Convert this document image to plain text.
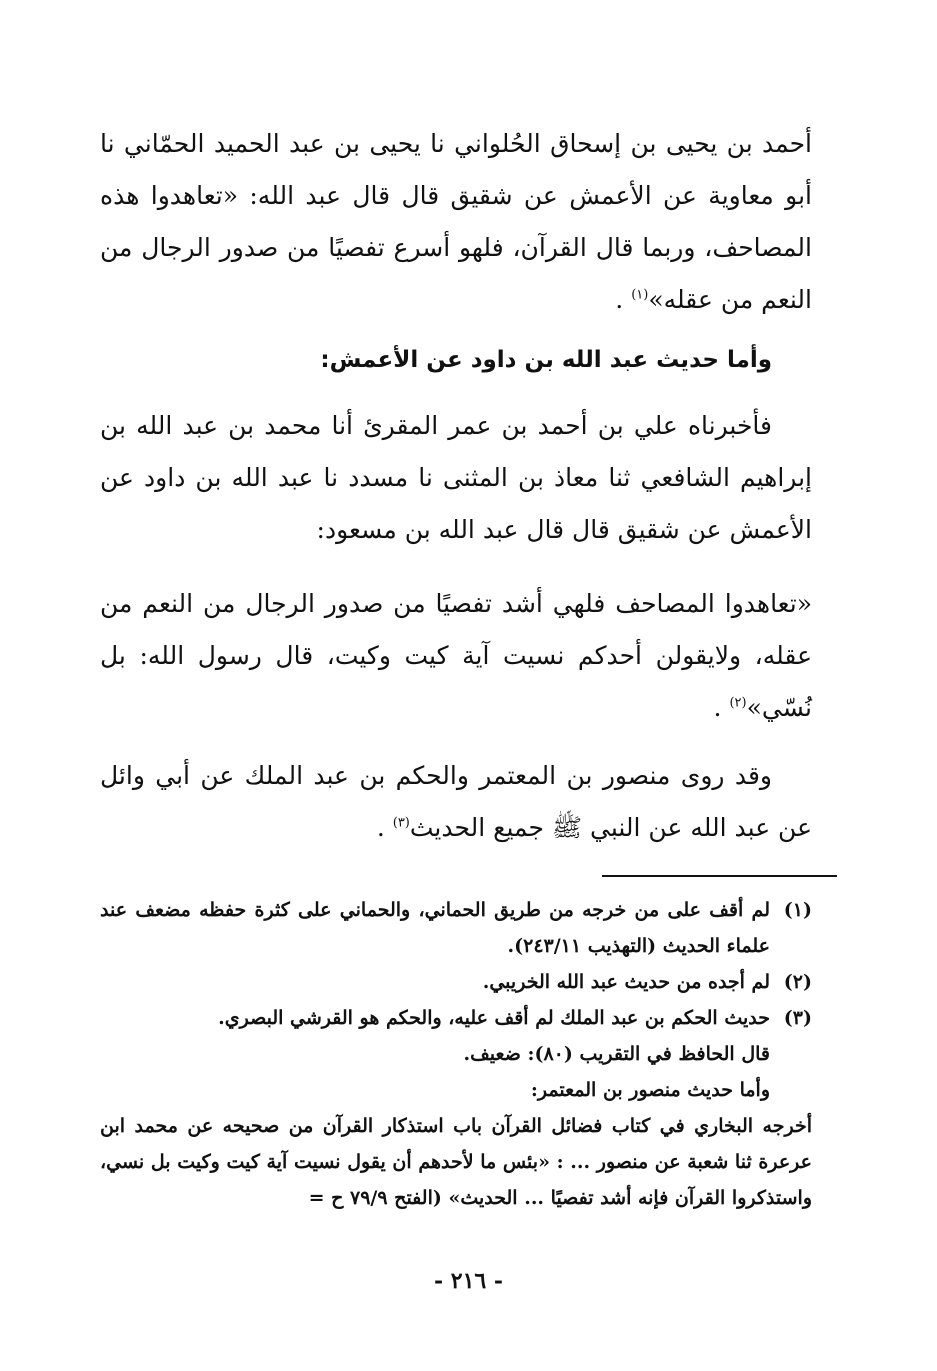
أحمد بن يحيى بن إسحاق الحُلواني نا يحيى بن عبد الحميد الحمّاني نا أبو معاوية عن الأعمش عن شقيق قال قال عبد الله: «تعاهدوا هذه المصاحف، وربما قال القرآن، فلهو أسرع تفصيًا من صدور الرجال من النعم من عقله»$^{(١)}$ .

وأما حديث عبد الله بن داود عن الأعمش:

فأخبرناه علي بن أحمد بن عمر المقرئ أنا محمد بن عبد الله بن إبراهيم الشافعي ثنا معاذ بن المثنى نا مسدد نا عبد الله بن داود عن الأعمش عن شقيق قال قال عبد الله بن مسعود:

«تعاهدوا المصاحف فلهي أشد تفصيًا من صدور الرجال من النعم من عقله، ولايقولن أحدكم نسيت آية كيت وكيت، قال رسول الله: بل نُسّي»$^{(٢)}$ .

وقد روى منصور بن المعتمر والحكم بن عبد الملك عن أبي وائل عن عبد الله عن النبي ﷺ جميع الحديث$^{(٣)}$ .

(١)
لم أقف على من خرجه من طريق الحماني، والحماني على كثرة حفظه مضعف عند علماء الحديث (التهذيب ٢٤٣/١١).
(٢)
لم أجده من حديث عبد الله الخريبي.
(٣)
حديث الحكم بن عبد الملك لم أقف عليه، والحكم هو القرشي البصري.

قال الحافظ في التقريب (٨٠): ضعيف.

وأما حديث منصور بن المعتمر:

أخرجه البخاري في كتاب فضائل القرآن باب استذكار القرآن من صحيحه عن محمد ابن عرعرة ثنا شعبة عن منصور ... : «بئس ما لأحدهم أن يقول نسيت آية كيت وكيت بل نسي، واستذكروا القرآن فإنه أشد تفصيًا ... الحديث» (الفتح ٧٩/٩ ح =

- ٢١٦ -
